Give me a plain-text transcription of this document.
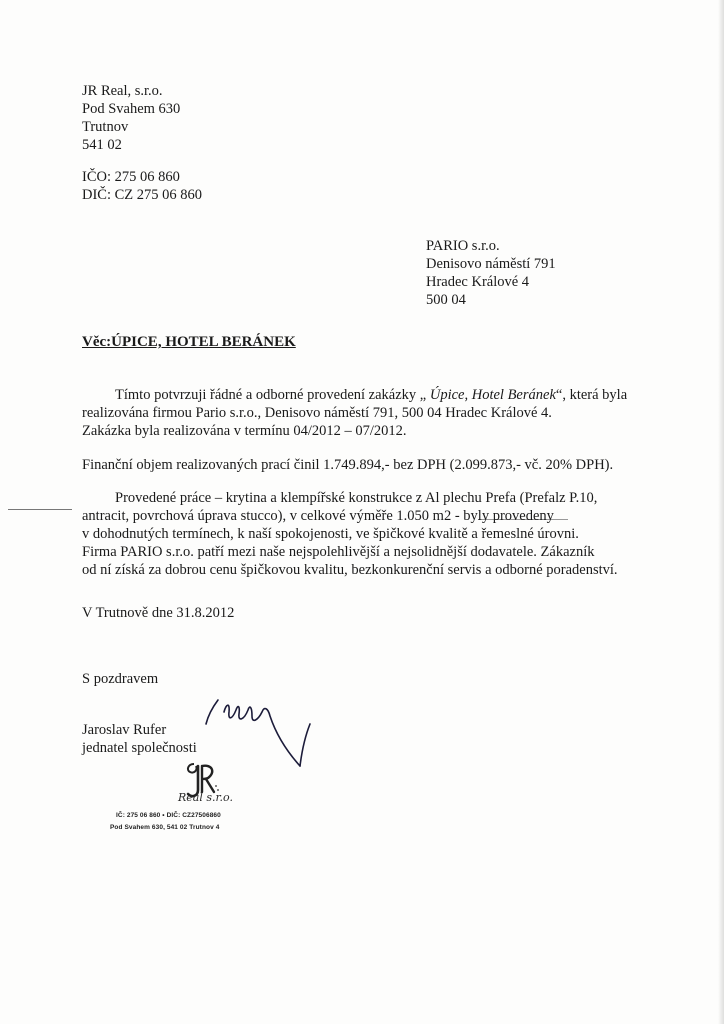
JR Real, s.r.o.
Pod Svahem 630
Trutnov
541 02
IČO: 275 06 860
DIČ: CZ 275 06 860
PARIO s.r.o.
Denisovo náměstí 791
Hradec Králové 4
500 04
Věc:ÚPICE, HOTEL BERÁNEK
Tímto potvrzuji řádné a odborné provedení zakázky „ Úpice, Hotel Beránek“, která byla
realizována firmou Pario s.r.o., Denisovo náměstí 791, 500 04 Hradec Králové 4.
Zakázka byla realizována v termínu 04/2012 – 07/2012.
Finanční objem realizovaných prací činil 1.749.894,- bez DPH (2.099.873,- vč. 20% DPH).
Provedené práce – krytina a klempířské konstrukce z Al plechu Prefa (Prefalz P.10,
antracit, povrchová úprava stucco), v celkové výměře 1.050 m2 - byly provedeny
v dohodnutých termínech, k naší spokojenosti, ve špičkové kvalitě a řemeslné úrovni.
Firma PARIO s.r.o. patří mezi naše nejspolehlivější a nejsolidnější dodavatele. Zákazník
od ní získá za dobrou cenu špičkovou kvalitu, bezkonkurenční servis a odborné poradenství.
V Trutnově dne 31.8.2012
S pozdravem
Jaroslav Rufer
jednatel společnosti
Real s.r.o.
IČ: 275 06 860 • DIČ: CZ27506860
Pod Svahem 630, 541 02 Trutnov 4
